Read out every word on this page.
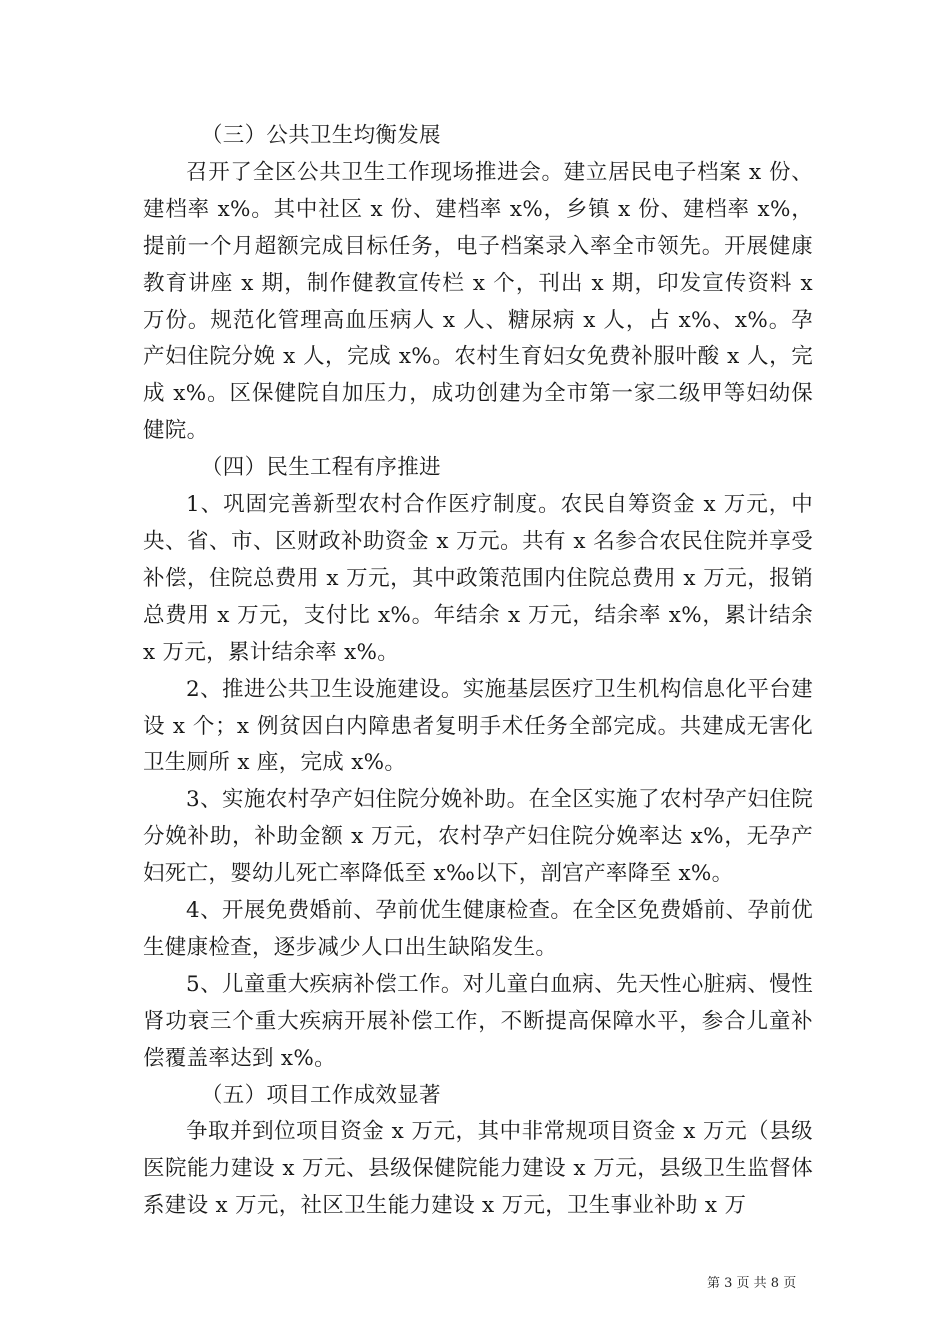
（三）公共卫生均衡发展

召开了全区公共卫生工作现场推进会。建立居民电子档案 x 份、建档率 x%。其中社区 x 份、建档率 x%，乡镇 x 份、建档率 x%，提前一个月超额完成目标任务，电子档案录入率全市领先。开展健康教育讲座 x 期，制作健教宣传栏 x 个，刊出 x 期，印发宣传资料 x 万份。规范化管理高血压病人 x 人、糖尿病 x 人，占 x%、x%。孕产妇住院分娩 x 人，完成 x%。农村生育妇女免费补服叶酸 x 人，完成 x%。区保健院自加压力，成功创建为全市第一家二级甲等妇幼保健院。

（四）民生工程有序推进

1、巩固完善新型农村合作医疗制度。农民自筹资金 x 万元，中央、省、市、区财政补助资金 x 万元。共有 x 名参合农民住院并享受补偿，住院总费用 x 万元，其中政策范围内住院总费用 x 万元，报销总费用 x 万元，支付比 x%。年结余 x 万元，结余率 x%，累计结余 x 万元，累计结余率 x%。

2、推进公共卫生设施建设。实施基层医疗卫生机构信息化平台建设 x 个；x 例贫因白内障患者复明手术任务全部完成。共建成无害化卫生厕所 x 座，完成 x%。

3、实施农村孕产妇住院分娩补助。在全区实施了农村孕产妇住院分娩补助，补助金额 x 万元，农村孕产妇住院分娩率达 x%，无孕产妇死亡，婴幼儿死亡率降低至 x‰以下，剖宫产率降至 x%。

4、开展免费婚前、孕前优生健康检查。在全区免费婚前、孕前优生健康检查，逐步减少人口出生缺陷发生。

5、儿童重大疾病补偿工作。对儿童白血病、先天性心脏病、慢性肾功衰三个重大疾病开展补偿工作，不断提高保障水平，参合儿童补偿覆盖率达到 x%。

（五）项目工作成效显著

争取并到位项目资金 x 万元，其中非常规项目资金 x 万元（县级医院能力建设 x 万元、县级保健院能力建设 x 万元，县级卫生监督体系建设 x 万元，社区卫生能力建设 x 万元，卫生事业补助 x 万

第 3 页 共 8 页
